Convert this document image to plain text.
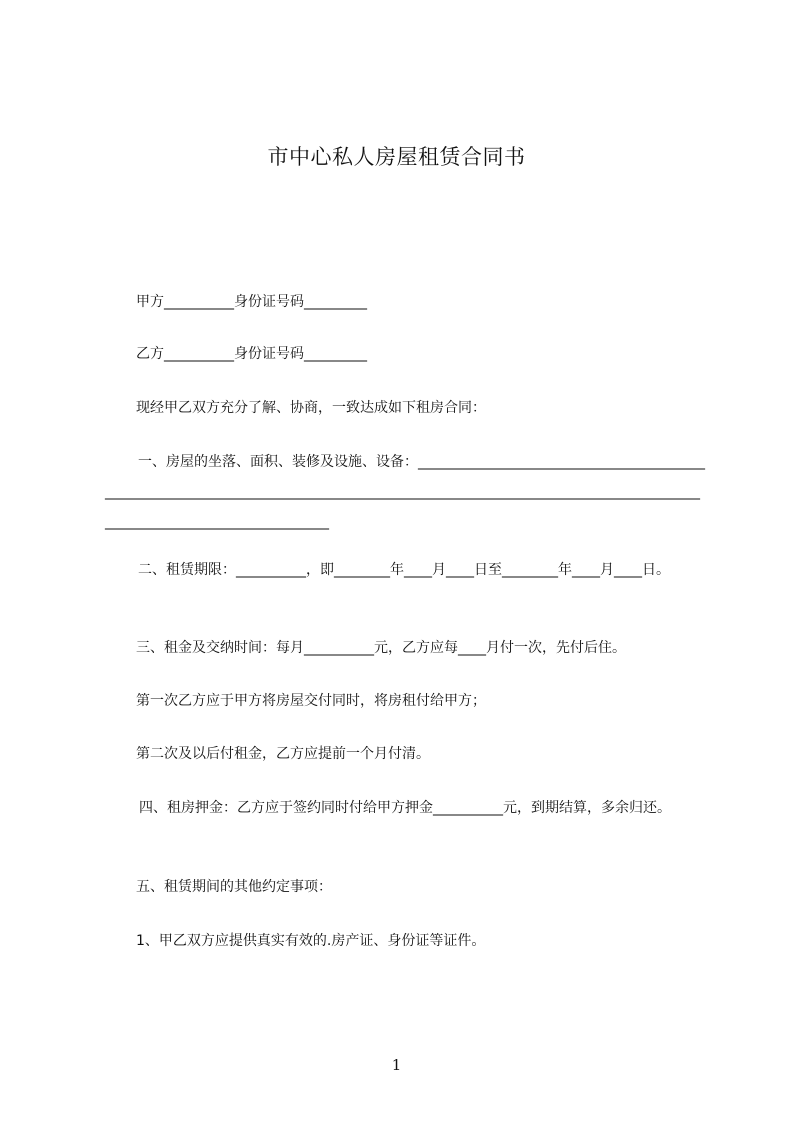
市中心私人房屋租赁合同书
甲方__________身份证号码_________
乙方__________身份证号码_________
现经甲乙双方充分了解、协商，一致达成如下租房合同：
一、房屋的坐落、面积、装修及设施、设备：______________________________________________________________________________________________________________________________________________________________
二、租赁期限：__________，即________年____月____日至________年____月____日。
三、租金及交纳时间：每月__________元，乙方应每____月付一次，先付后住。
第一次乙方应于甲方将房屋交付同时，将房租付给甲方；
第二次及以后付租金，乙方应提前一个月付清。
四、租房押金：乙方应于签约同时付给甲方押金__________元，到期结算，多余归还。
五、租赁期间的其他约定事项：
1、甲乙双方应提供真实有效的.房产证、身份证等证件。
1
